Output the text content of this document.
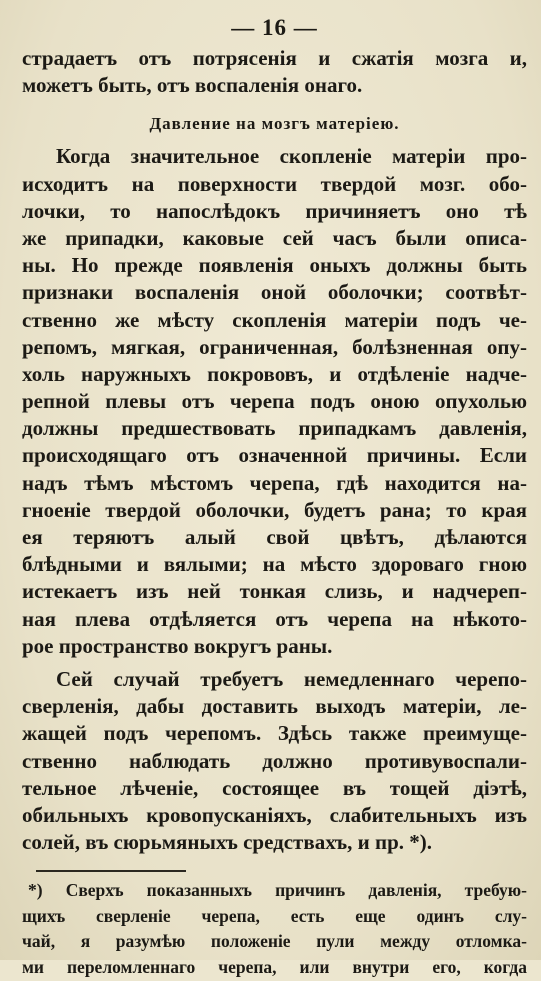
— 16 —
страдаетъ отъ потрясенія и сжатія мозга и,
можетъ быть, отъ воспаленія онаго.
Давление на мозгъ матеріею.
Когда значительное скопленіе матеріи про-
исходитъ на поверхности твердой мозг. обо-
лочки, то напослѣдокъ причиняетъ оно тѣ
же припадки, каковые сей часъ были описа-
ны. Но прежде появленія оныхъ должны быть
признаки воспаленія оной оболочки; соотвѣт-
ственно же мѣсту скопленія матеріи подъ че-
репомъ, мягкая, ограниченная, болѣзненная опу-
холь наружныхъ покрововъ, и отдѣленіе надче-
репной плевы отъ черепа подъ оною опухолью
должны предшествовать припадкамъ давленія,
происходящаго отъ означенной причины. Если
надъ тѣмъ мѣстомъ черепа, гдѣ находится на-
гноеніе твердой оболочки, будетъ рана; то края
ея теряютъ алый свой цвѣтъ, дѣлаются
блѣдными и вялыми; на мѣсто здороваго гною
истекаетъ изъ ней тонкая слизь, и надчереп-
ная плева отдѣляется отъ черепа на нѣкото-
рое пространство вокругъ раны.
Сей случай требуетъ немедленнаго черепо-
сверленія, дабы доставить выходъ матеріи, ле-
жащей подъ черепомъ. Здѣсь также преимуще-
ственно наблюдать должно противувоспали-
тельное лѣченіе, состоящее въ тощей діэтѣ,
обильныхъ кровопусканіяхъ, слабительныхъ изъ
солей, въ сюрьмяныхъ средствахъ, и пр. *).
*) Сверхъ показанныхъ причинъ давленія, требую-
щихъ сверленіе черепа, есть еще одинъ слу-
чай, я разумѣю положеніе пули между отломка-
ми переломленнаго черепа, или внутри его, когда
